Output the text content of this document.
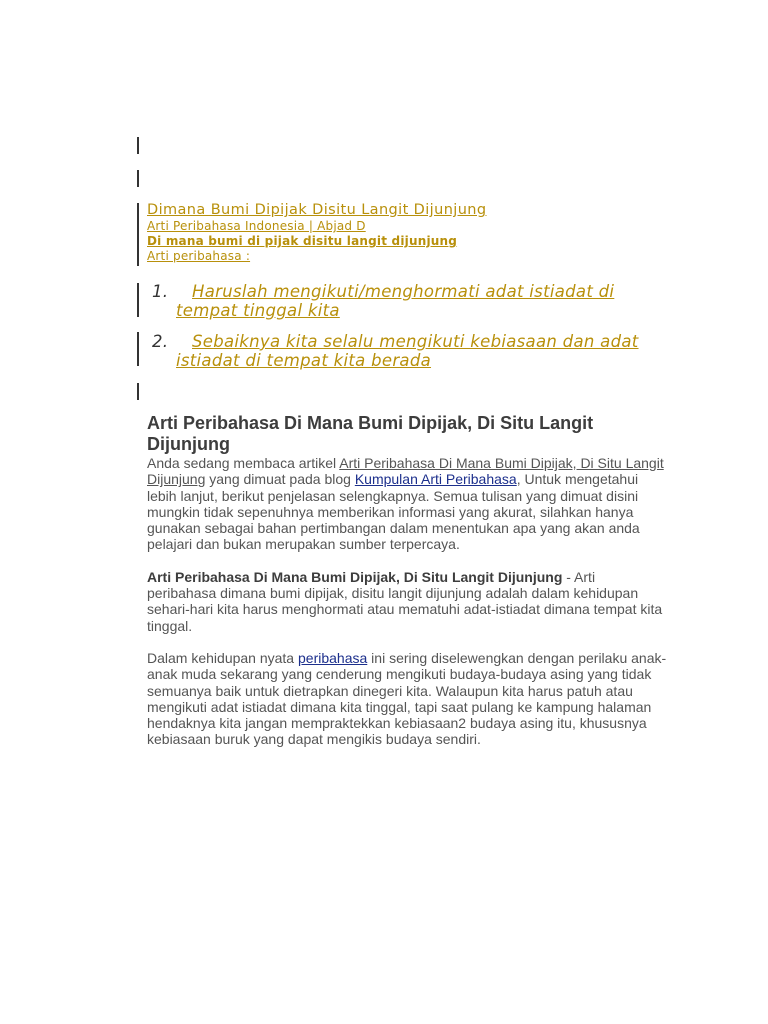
Dimana Bumi Dipijak Disitu Langit Dijunjung
Arti Peribahasa Indonesia | Abjad D
Di mana bumi di pijak disitu langit dijunjung
Arti peribahasa :
1. Haruslah mengikuti/menghormati adat istiadat di
tempat tinggal kita
2. Sebaiknya kita selalu mengikuti kebiasaan dan adat
istiadat di tempat kita berada
Arti Peribahasa Di Mana Bumi Dipijak, Di Situ Langit Dijunjung

Anda sedang membaca artikel Arti Peribahasa Di Mana Bumi Dipijak, Di Situ Langit Dijunjung yang dimuat pada blog Kumpulan Arti Peribahasa, Untuk mengetahui lebih lanjut, berikut penjelasan selengkapnya. Semua tulisan yang dimuat disini mungkin tidak sepenuhnya memberikan informasi yang akurat, silahkan hanya gunakan sebagai bahan pertimbangan dalam menentukan apa yang akan anda pelajari dan bukan merupakan sumber terpercaya.

Arti Peribahasa Di Mana Bumi Dipijak, Di Situ Langit Dijunjung - Arti peribahasa dimana bumi dipijak, disitu langit dijunjung adalah dalam kehidupan sehari-hari kita harus menghormati atau mematuhi adat-istiadat dimana tempat kita tinggal.

Dalam kehidupan nyata peribahasa ini sering diselewengkan dengan perilaku anak-anak muda sekarang yang cenderung mengikuti budaya-budaya asing yang tidak semuanya baik untuk dietrapkan dinegeri kita. Walaupun kita harus patuh atau mengikuti adat istiadat dimana kita tinggal, tapi saat pulang ke kampung halaman hendaknya kita jangan mempraktekkan kebiasaan2 budaya asing itu, khususnya kebiasaan buruk yang dapat mengikis budaya sendiri.
